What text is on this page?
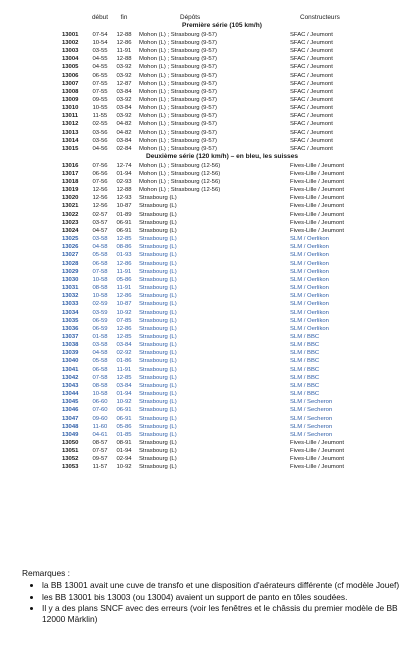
début	fin	Dépôts	Constructeurs
Première série (105 km/h)
13001	07-54	12-88	Mohon (L) ; Strasbourg (9-57)	SFAC / Jeumont
13002	10-54	12-86	Mohon (L) ; Strasbourg (9-57)	SFAC / Jeumont
13003	03-55	11-91	Mohon (L) ; Strasbourg (9-57)	SFAC / Jeumont
13004	04-55	12-88	Mohon (L) ; Strasbourg (9-57)	SFAC / Jeumont
13005	04-55	03-92	Mohon (L) ; Strasbourg (9-57)	SFAC / Jeumont
13006	06-55	03-92	Mohon (L) ; Strasbourg (9-57)	SFAC / Jeumont
13007	07-55	12-87	Mohon (L) ; Strasbourg (9-57)	SFAC / Jeumont
13008	07-55	03-84	Mohon (L) ; Strasbourg (9-57)	SFAC / Jeumont
13009	09-55	03-92	Mohon (L) ; Strasbourg (9-57)	SFAC / Jeumont
13010	10-55	03-84	Mohon (L) ; Strasbourg (9-57)	SFAC / Jeumont
13011	11-55	03-92	Mohon (L) ; Strasbourg (9-57)	SFAC / Jeumont
13012	02-55	04-82	Mohon (L) ; Strasbourg (9-57)	SFAC / Jeumont
13013	03-56	04-82	Mohon (L) ; Strasbourg (9-57)	SFAC / Jeumont
13014	03-56	03-84	Mohon (L) ; Strasbourg (9-57)	SFAC / Jeumont
13015	04-56	02-84	Mohon (L) ; Strasbourg (9-57)	SFAC / Jeumont
Deuxième série (120 km/h) – en bleu, les suisses
13016	07-56	12-74	Mohon (L) ; Strasbourg (12-56)	Fives-Lille / Jeumont
13017	06-56	01-94	Mohon (L) ; Strasbourg (12-56)	Fives-Lille / Jeumont
13018	07-56	02-93	Mohon (L) ; Strasbourg (12-56)	Fives-Lille / Jeumont
13019	12-56	12-88	Mohon (L) ; Strasbourg (12-56)	Fives-Lille / Jeumont
13020	12-56	12-93	Strasbourg (L)	Fives-Lille / Jeumont
13021	12-56	10-87	Strasbourg (L)	Fives-Lille / Jeumont
13022	02-57	01-89	Strasbourg (L)	Fives-Lille / Jeumont
13023	03-57	06-91	Strasbourg (L)	Fives-Lille / Jeumont
13024	04-57	06-91	Strasbourg (L)	Fives-Lille / Jeumont
13025	03-58	12-85	Strasbourg (L)	SLM / Oerlikon
13026	04-58	08-86	Strasbourg (L)	SLM / Oerlikon
13027	05-58	01-93	Strasbourg (L)	SLM / Oerlikon
13028	06-58	12-86	Strasbourg (L)	SLM / Oerlikon
13029	07-58	11-91	Strasbourg (L)	SLM / Oerlikon
13030	10-58	05-86	Strasbourg (L)	SLM / Oerlikon
13031	08-58	11-91	Strasbourg (L)	SLM / Oerlikon
13032	10-58	12-86	Strasbourg (L)	SLM / Oerlikon
13033	02-59	10-87	Strasbourg (L)	SLM / Oerlikon
13034	03-59	10-92	Strasbourg (L)	SLM / Oerlikon
13035	06-59	07-85	Strasbourg (L)	SLM / Oerlikon
13036	06-59	12-86	Strasbourg (L)	SLM / Oerlikon
13037	01-58	12-85	Strasbourg (L)	SLM / BBC
13038	03-58	03-84	Strasbourg (L)	SLM / BBC
13039	04-58	02-92	Strasbourg (L)	SLM / BBC
13040	05-58	01-86	Strasbourg (L)	SLM / BBC
13041	06-58	11-91	Strasbourg (L)	SLM / BBC
13042	07-58	12-85	Strasbourg (L)	SLM / BBC
13043	08-58	03-84	Strasbourg (L)	SLM / BBC
13044	10-58	01-94	Strasbourg (L)	SLM / BBC
13045	06-60	10-92	Strasbourg (L)	SLM / Secheron
13046	07-60	06-91	Strasbourg (L)	SLM / Secheron
13047	09-60	06-91	Strasbourg (L)	SLM / Secheron
13048	11-60	05-86	Strasbourg (L)	SLM / Secheron
13049	04-61	01-85	Strasbourg (L)	SLM / Secheron
13050	08-57	08-91	Strasbourg (L)	Fives-Lille / Jeumont
13051	07-57	01-94	Strasbourg (L)	Fives-Lille / Jeumont
13052	09-57	02-94	Strasbourg (L)	Fives-Lille / Jeumont
13053	11-57	10-92	Strasbourg (L)	Fives-Lille / Jeumont
Remarques :
• la BB 13001 avait une cuve de transfo et une disposition d'aérateurs différente (cf modèle Jouef)
• les BB 13001 bis 13003 (ou 13004) avaient un support de panto en tôles soudées.
• Il y a des plans SNCF avec des erreurs (voir les fenêtres et le châssis du premier modèle de BB 12000 Märklin)
